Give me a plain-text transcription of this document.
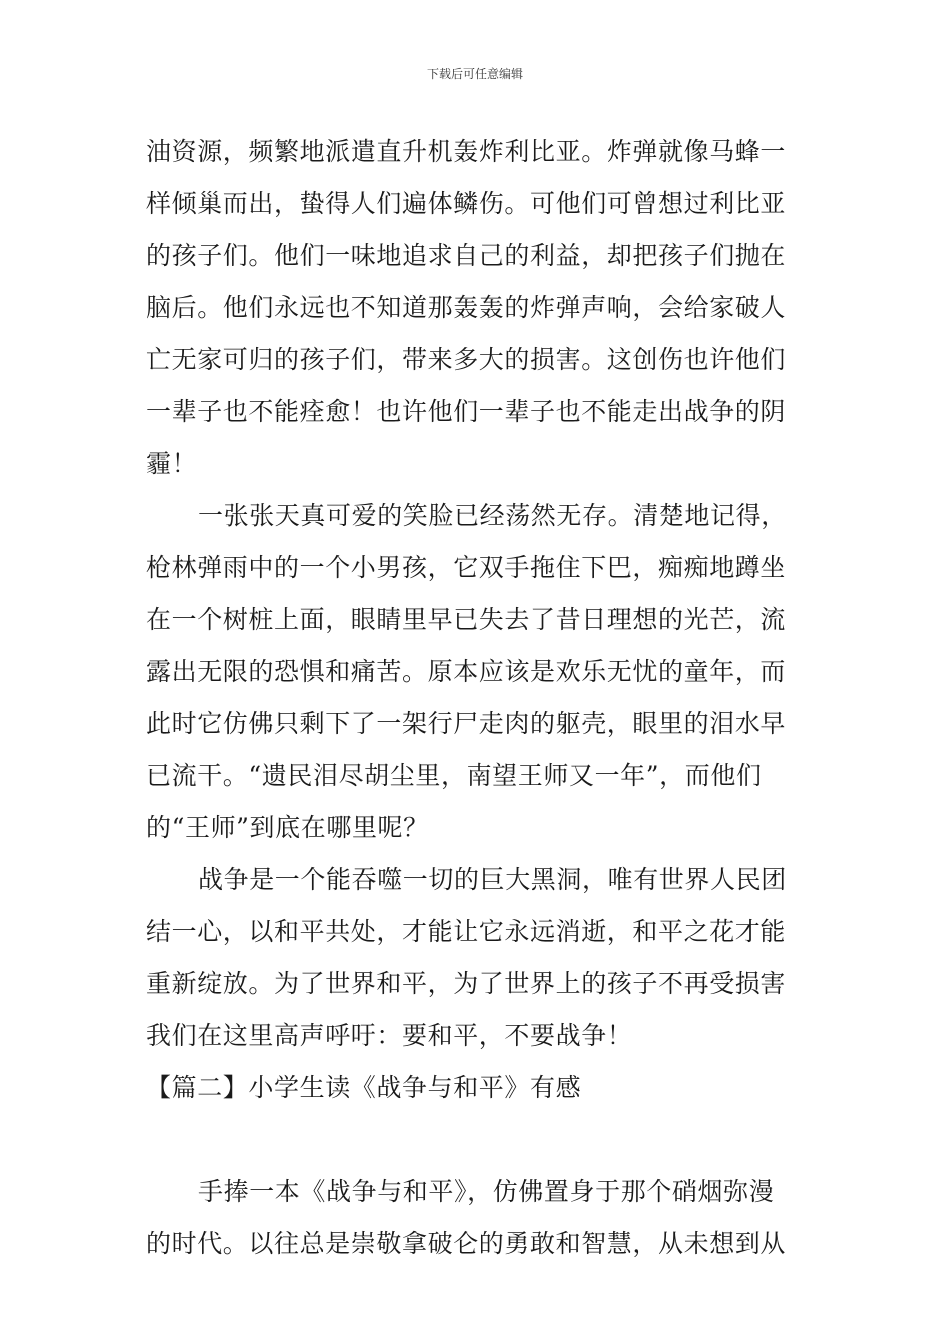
下载后可任意编辑
油资源，频繁地派遣直升机轰炸利比亚。炸弹就像马蜂一
样倾巢而出，蛰得人们遍体鳞伤。可他们可曾想过利比亚
的孩子们。他们一味地追求自己的利益，却把孩子们抛在
脑后。他们永远也不知道那轰轰的炸弹声响，会给家破人
亡无家可归的孩子们，带来多大的损害。这创伤也许他们
一辈子也不能痊愈！也许他们一辈子也不能走出战争的阴
霾！
一张张天真可爱的笑脸已经荡然无存。清楚地记得，
枪林弹雨中的一个小男孩，它双手拖住下巴，痴痴地蹲坐
在一个树桩上面，眼睛里早已失去了昔日理想的光芒，流
露出无限的恐惧和痛苦。原本应该是欢乐无忧的童年，而
此时它仿佛只剩下了一架行尸走肉的躯壳，眼里的泪水早
已流干。“遗民泪尽胡尘里，南望王师又一年”，而他们
的“王师”到底在哪里呢？
战争是一个能吞噬一切的巨大黑洞，唯有世界人民团
结一心，以和平共处，才能让它永远消逝，和平之花才能
重新绽放。为了世界和平，为了世界上的孩子不再受损害
我们在这里高声呼吁：要和平，不要战争！
【篇二】小学生读《战争与和平》有感
手捧一本《战争与和平》，仿佛置身于那个硝烟弥漫
的时代。以往总是崇敬拿破仑的勇敢和智慧，从未想到从
